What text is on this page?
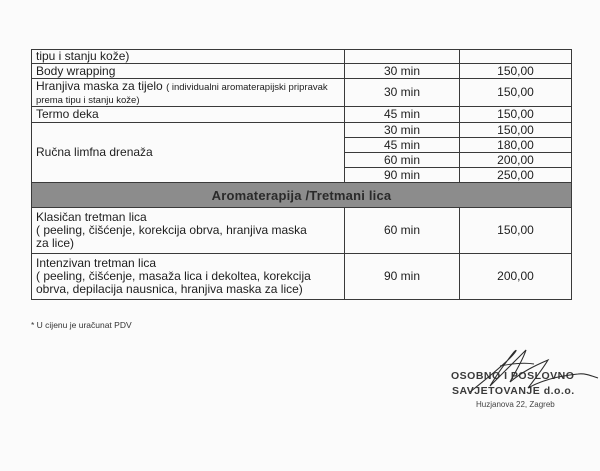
tipu i stanju kože)		
Body wrapping	30 min	150,00
Hranjiva maska za tijelo ( individualni aromaterapijski pripravak prema tipu i stanju kože)	30 min	150,00
Termo deka	45 min	150,00
Ručna limfna drenaža	30 min	150,00
	45 min	180,00
	60 min	200,00
	90 min	250,00
Aromaterapija /Tretmani lica		

Klasičan tretman lica
( peeling, čišćenje, korekcija obrva, hranjiva maska
za lice)	60 min	150,00

Intenzivan tretman lica
( peeling, čišćenje, masaža lica i dekoltea, korekcija
obrva, depilacija nausnica, hranjiva maska za lice)	90 min	200,00
* U cijenu je uračunat PDV
OSOBNO I POSLOVNO
SAVJETOVANJE d.o.o.
Huzjanova 22, Zagreb
